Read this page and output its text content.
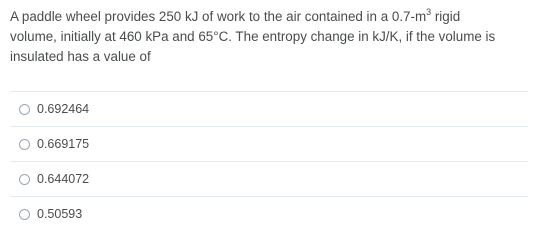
A paddle wheel provides 250 kJ of work to the air contained in a $0.7-m^3$ rigid
volume, initially at 460 kPa and 65°C. The entropy change in kJ/K, if the volume is
insulated has a value of
0.692464
0.669175
0.644072
0.50593
